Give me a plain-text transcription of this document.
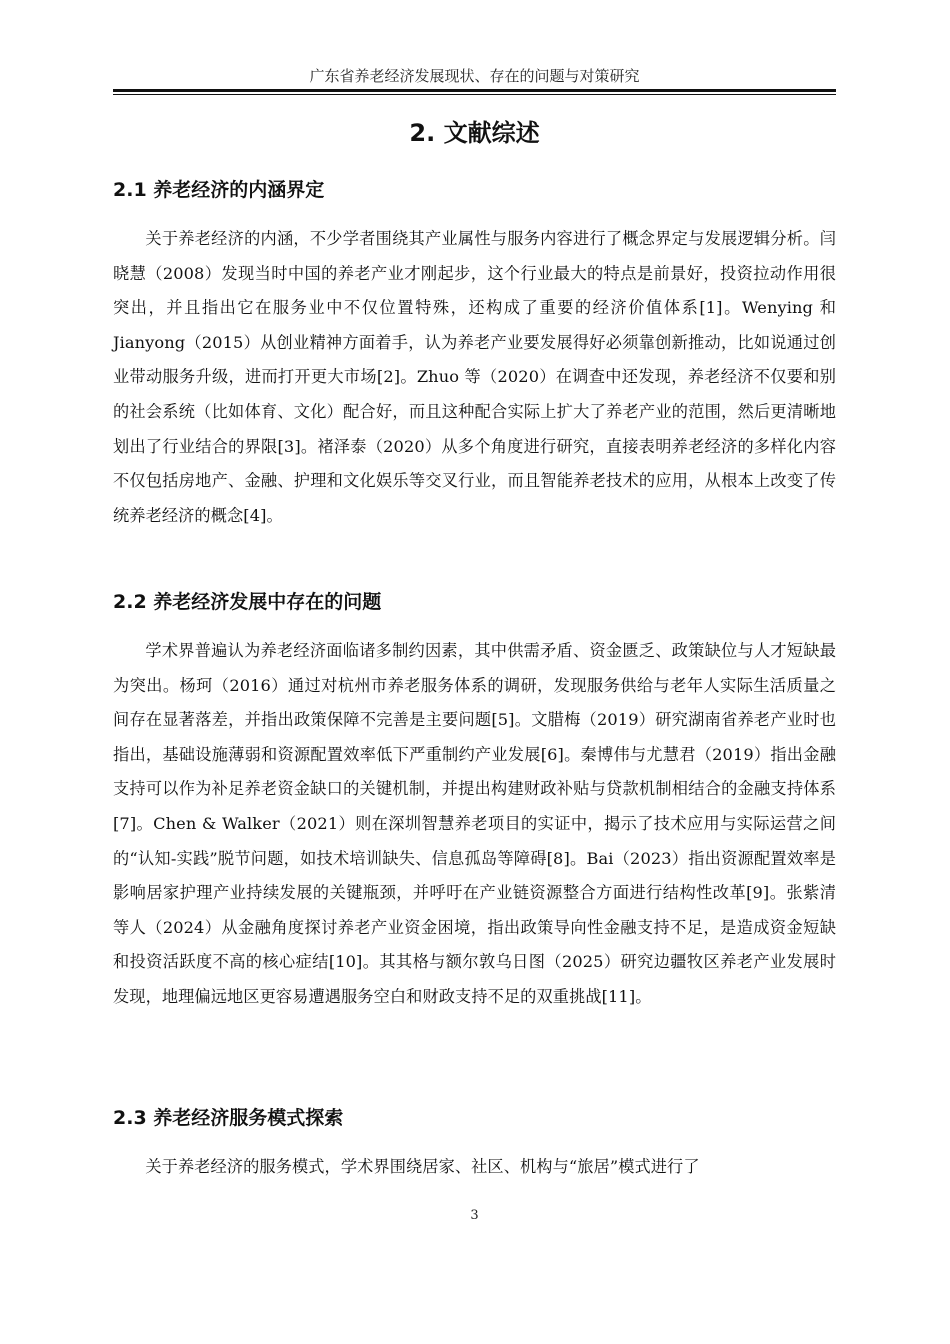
广东省养老经济发展现状、存在的问题与对策研究
2. 文献综述
2.1 养老经济的内涵界定

关于养老经济的内涵，不少学者围绕其产业属性与服务内容进行了概念界定与发展逻辑分析。闫晓慧（2008）发现当时中国的养老产业才刚起步，这个行业最大的特点是前景好，投资拉动作用很突出，并且指出它在服务业中不仅位置特殊，还构成了重要的经济价值体系[1]。Wenying 和 Jianyong（2015）从创业精神方面着手，认为养老产业要发展得好必须靠创新推动，比如说通过创业带动服务升级，进而打开更大市场[2]。Zhuo 等（2020）在调查中还发现，养老经济不仅要和别的社会系统（比如体育、文化）配合好，而且这种配合实际上扩大了养老产业的范围，然后更清晰地划出了行业结合的界限[3]。褚泽泰（2020）从多个角度进行研究，直接表明养老经济的多样化内容不仅包括房地产、金融、护理和文化娱乐等交叉行业，而且智能养老技术的应用，从根本上改变了传统养老经济的概念[4]。

2.2 养老经济发展中存在的问题

学术界普遍认为养老经济面临诸多制约因素，其中供需矛盾、资金匮乏、政策缺位与人才短缺最为突出。杨珂（2016）通过对杭州市养老服务体系的调研，发现服务供给与老年人实际生活质量之间存在显著落差，并指出政策保障不完善是主要问题[5]。文腊梅（2019）研究湖南省养老产业时也指出，基础设施薄弱和资源配置效率低下严重制约产业发展[6]。秦博伟与尤慧君（2019）指出金融支持可以作为补足养老资金缺口的关键机制，并提出构建财政补贴与贷款机制相结合的金融支持体系[7]。Chen & Walker（2021）则在深圳智慧养老项目的实证中，揭示了技术应用与实际运营之间的“认知-实践”脱节问题，如技术培训缺失、信息孤岛等障碍[8]。Bai（2023）指出资源配置效率是影响居家护理产业持续发展的关键瓶颈，并呼吁在产业链资源整合方面进行结构性改革[9]。张紫清等人（2024）从金融角度探讨养老产业资金困境，指出政策导向性金融支持不足，是造成资金短缺和投资活跃度不高的核心症结[10]。其其格与额尔敦乌日图（2025）研究边疆牧区养老产业发展时发现，地理偏远地区更容易遭遇服务空白和财政支持不足的双重挑战[11]。

2.3 养老经济服务模式探索

关于养老经济的服务模式，学术界围绕居家、社区、机构与“旅居”模式进行了

3
